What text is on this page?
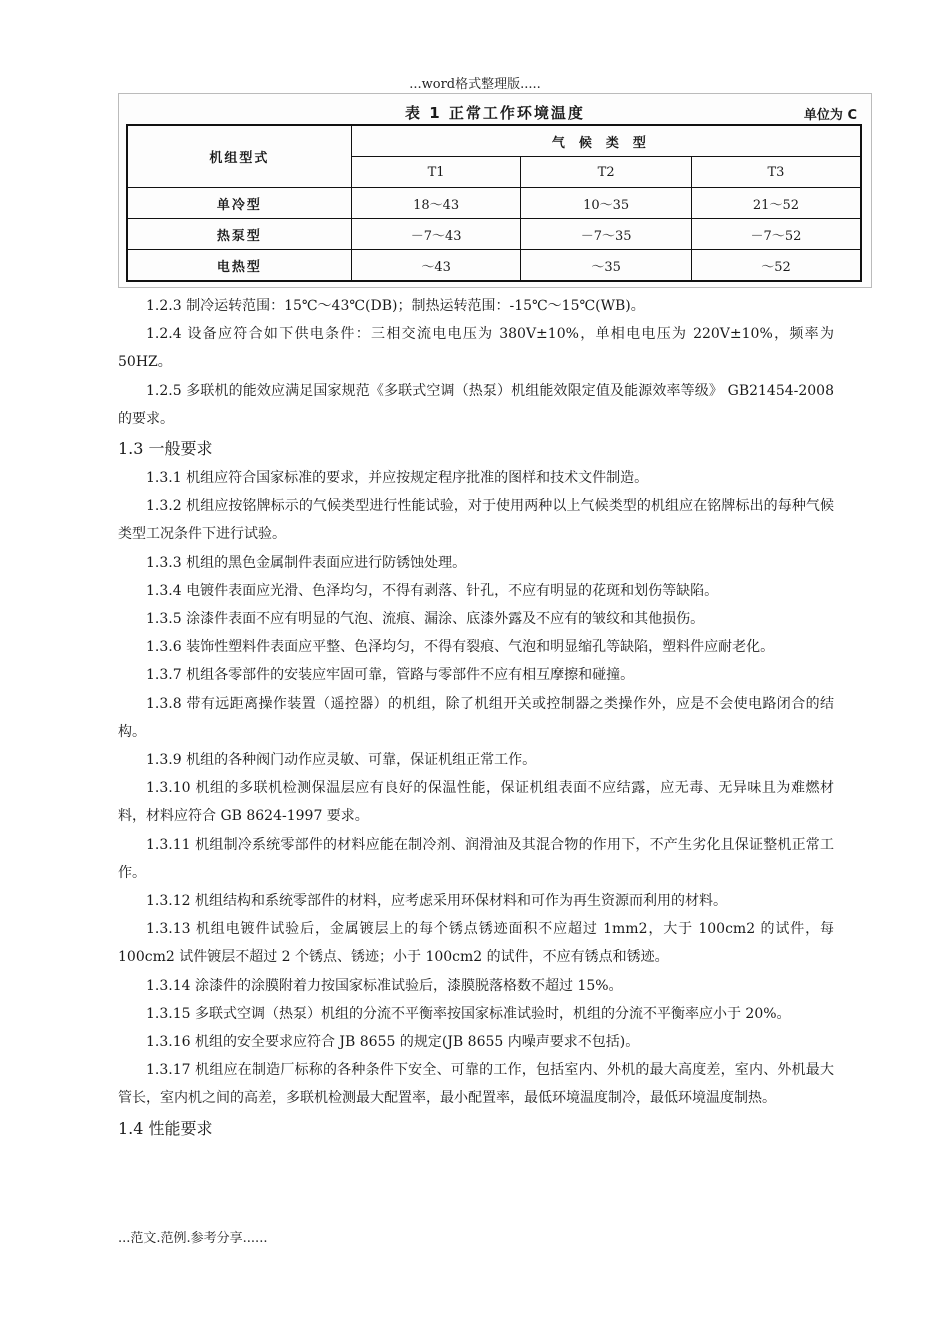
...word格式整理版.....
表 1 正常工作环境温度	单位为 C
机组型式	气候类型		
	T1	T2	T3
单冷型	18～43	10～35	21～52
热泵型	－7～43	－7～35	－7～52
电热型	～43	～35	～52

1.2.3 制冷运转范围：15℃～43℃(DB)；制热运转范围：-15℃～15℃(WB)。

1.2.4 设备应符合如下供电条件：三相交流电电压为 380V±10%，单相电电压为 220V±10%，频率为 50HZ。

1.2.5 多联机的能效应满足国家规范《多联式空调（热泵）机组能效限定值及能源效率等级》 GB21454-2008 的要求。

1.3 一般要求

1.3.1 机组应符合国家标准的要求，并应按规定程序批准的图样和技术文件制造。

1.3.2 机组应按铭牌标示的气候类型进行性能试验，对于使用两种以上气候类型的机组应在铭牌标出的每种气候类型工况条件下进行试验。

1.3.3 机组的黑色金属制件表面应进行防锈蚀处理。

1.3.4 电镀件表面应光滑、色泽均匀，不得有剥落、针孔，不应有明显的花斑和划伤等缺陷。

1.3.5 涂漆件表面不应有明显的气泡、流痕、漏涂、底漆外露及不应有的皱纹和其他损伤。

1.3.6 装饰性塑料件表面应平整、色泽均匀，不得有裂痕、气泡和明显缩孔等缺陷，塑料件应耐老化。

1.3.7 机组各零部件的安装应牢固可靠，管路与零部件不应有相互摩擦和碰撞。

1.3.8 带有远距离操作装置（遥控器）的机组，除了机组开关或控制器之类操作外，应是不会使电路闭合的结构。

1.3.9 机组的各种阀门动作应灵敏、可靠，保证机组正常工作。

1.3.10 机组的多联机检测保温层应有良好的保温性能，保证机组表面不应结露，应无毒、无异味且为难燃材料，材料应符合 GB 8624-1997 要求。

1.3.11 机组制冷系统零部件的材料应能在制冷剂、润滑油及其混合物的作用下，不产生劣化且保证整机正常工作。

1.3.12 机组结构和系统零部件的材料，应考虑采用环保材料和可作为再生资源而利用的材料。

1.3.13 机组电镀件试验后，金属镀层上的每个锈点锈迹面积不应超过 1mm2，大于 100cm2 的试件，每 100cm2 试件镀层不超过 2 个锈点、锈迹；小于 100cm2 的试件，不应有锈点和锈迹。

1.3.14 涂漆件的涂膜附着力按国家标准试验后，漆膜脱落格数不超过 15%。

1.3.15 多联式空调（热泵）机组的分流不平衡率按国家标准试验时，机组的分流不平衡率应小于 20%。

1.3.16 机组的安全要求应符合 JB 8655 的规定(JB 8655 内噪声要求不包括)。

1.3.17 机组应在制造厂标称的各种条件下安全、可靠的工作，包括室内、外机的最大高度差，室内、外机最大管长，室内机之间的高差，多联机检测最大配置率，最小配置率，最低环境温度制冷，最低环境温度制热。

1.4 性能要求

...范文.范例.参考分享......
